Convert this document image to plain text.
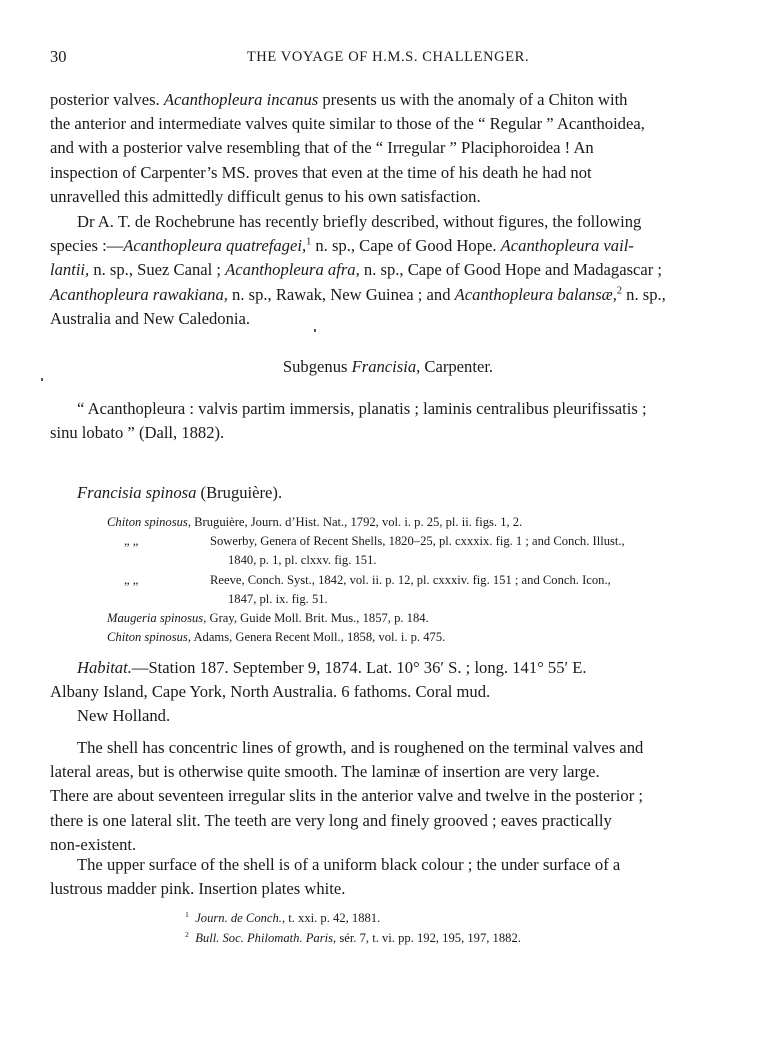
30	THE VOYAGE OF H.M.S. CHALLENGER.
posterior valves. Acanthopleura incanus presents us with the anomaly of a Chiton with
the anterior and intermediate valves quite similar to those of the “ Regular ” Acanthoidea,
and with a posterior valve resembling that of the “ Irregular ” Placiphoroidea ! An
inspection of Carpenter’s MS. proves that even at the time of his death he had not
unravelled this admittedly difficult genus to his own satisfaction.
Dr A. T. de Rochebrune has recently briefly described, without figures, the following
species :—Acanthopleura quatrefagei,$^1$ n. sp., Cape of Good Hope. Acanthopleura vail-
lantii, n. sp., Suez Canal ; Acanthopleura afra, n. sp., Cape of Good Hope and Madagascar ;
Acanthopleura rawakiana, n. sp., Rawak, New Guinea ; and Acanthopleura balansæ,$^2$ n. sp.,
Australia and New Caledonia.
Subgenus Francisia, Carpenter.
“ Acanthopleura : valvis partim immersis, planatis ; laminis centralibus pleurifissatis ;
sinu lobato ” (Dall, 1882).
Francisia spinosa (Bruguière).
Chiton spinosus, Bruguière, Journ. d’Hist. Nat., 1792, vol. i. p. 25, pl. ii. figs. 1, 2.
„ „	Sowerby, Genera of Recent Shells, 1820–25, pl. cxxxix. fig. 1 ; and Conch. Illust.,
1840, p. 1, pl. clxxv. fig. 151.
„ „	Reeve, Conch. Syst., 1842, vol. ii. p. 12, pl. cxxxiv. fig. 151 ; and Conch. Icon.,
1847, pl. ix. fig. 51.
Maugeria spinosus, Gray, Guide Moll. Brit. Mus., 1857, p. 184.
Chiton spinosus, Adams, Genera Recent Moll., 1858, vol. i. p. 475.
Habitat.—Station 187. September 9, 1874. Lat. 10° 36′ S. ; long. 141° 55′ E.
Albany Island, Cape York, North Australia. 6 fathoms. Coral mud.
New Holland.
The shell has concentric lines of growth, and is roughened on the terminal valves and
lateral areas, but is otherwise quite smooth. The laminæ of insertion are very large.
There are about seventeen irregular slits in the anterior valve and twelve in the posterior ;
there is one lateral slit. The teeth are very long and finely grooved ; eaves practically
non-existent.
The upper surface of the shell is of a uniform black colour ; the under surface of a
lustrous madder pink. Insertion plates white.
$^1$ Journ. de Conch., t. xxi. p. 42, 1881.
$^2$ Bull. Soc. Philomath. Paris, sér. 7, t. vi. pp. 192, 195, 197, 1882.
